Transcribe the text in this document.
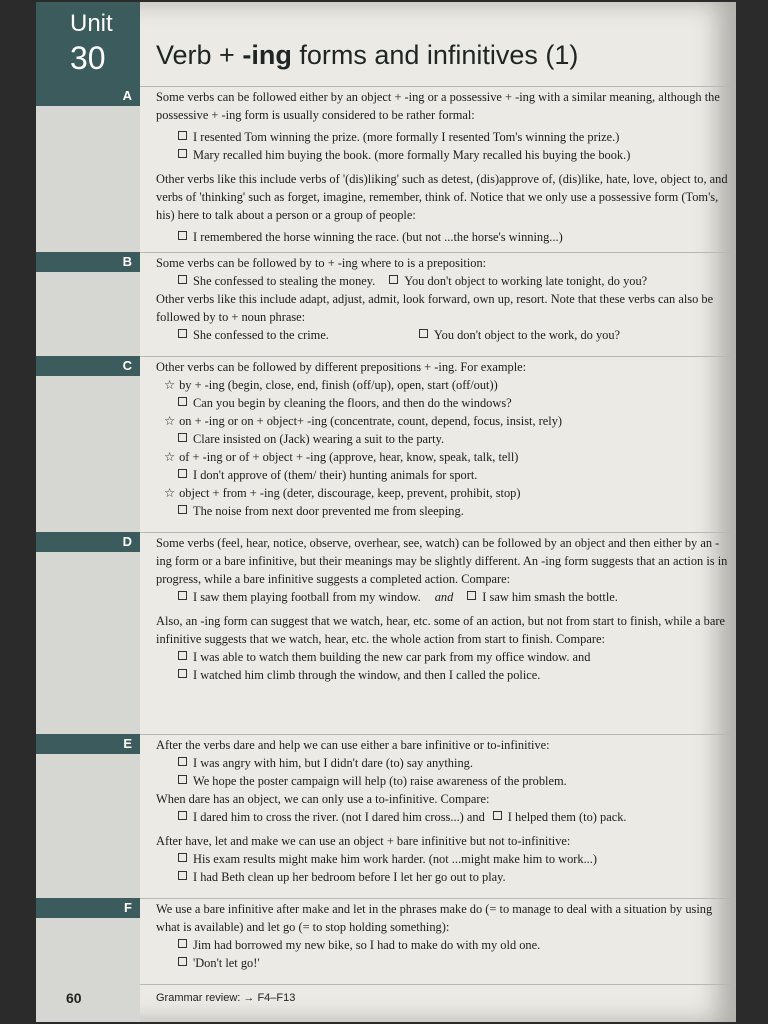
Unit
30 Verb + -ing forms and infinitives (1)
A	Some verbs can be followed either by an object + -ing or a possessive + -ing with a similar meaning, although the possessive + -ing form is usually considered to be rather formal:

I resented Tom winning the prize. (more formally I resented Tom's winning the prize.)
Mary recalled him buying the book. (more formally Mary recalled his buying the book.)

Other verbs like this include verbs of '(dis)liking' such as detest, (dis)approve of, (dis)like, hate, love, object to, and verbs of 'thinking' such as forget, imagine, remember, think of. Notice that we only use a possessive form (Tom's, his) here to talk about a person or a group of people:

I remembered the horse winning the race. (but not ...the horse's winning...)
B	Some verbs can be followed by to + -ing where to is a preposition:

She confessed to stealing the money. You don't object to working late tonight, do you?

Other verbs like this include adapt, adjust, admit, look forward, own up, resort. Note that these verbs can also be followed by to + noun phrase:

She confessed to the crime.	You don't object to the work, do you?
C	Other verbs can be followed by different prepositions + -ing. For example:

☆ by + -ing (begin, close, end, finish (off/up), open, start (off/out))
Can you begin by cleaning the floors, and then do the windows?
☆ on + -ing or on + object+ -ing (concentrate, count, depend, focus, insist, rely)
Clare insisted on (Jack) wearing a suit to the party.
☆ of + -ing or of + object + -ing (approve, hear, know, speak, talk, tell)
I don't approve of (them/ their) hunting animals for sport.
☆ object + from + -ing (deter, discourage, keep, prevent, prohibit, stop)
The noise from next door prevented me from sleeping.
D	Some verbs (feel, hear, notice, observe, overhear, see, watch) can be followed by an object and then either by an -ing form or a bare infinitive, but their meanings may be slightly different. An -ing form suggests that an action is in progress, while a bare infinitive suggests a completed action. Compare:

I saw them playing football from my window. and I saw him smash the bottle.

Also, an -ing form can suggest that we watch, hear, etc. some of an action, but not from start to finish, while a bare infinitive suggests that we watch, hear, etc. the whole action from start to finish. Compare:

I was able to watch them building the new car park from my office window. and
I watched him climb through the window, and then I called the police.
E	After the verbs dare and help we can use either a bare infinitive or to-infinitive:

I was angry with him, but I didn't dare (to) say anything.
We hope the poster campaign will help (to) raise awareness of the problem.

When dare has an object, we can only use a to-infinitive. Compare:

I dared him to cross the river. (not I dared him cross...) and I helped them (to) pack.

After have, let and make we can use an object + bare infinitive but not to-infinitive:

His exam results might make him work harder. (not ...might make him to work...)
I had Beth clean up her bedroom before I let her go out to play.
F	We use a bare infinitive after make and let in the phrases make do (= to manage to deal with a situation by using what is available) and let go (= to stop holding something):

Jim had borrowed my new bike, so I had to make do with my old one.
'Don't let go!'
60	Grammar review: → F4–F13
